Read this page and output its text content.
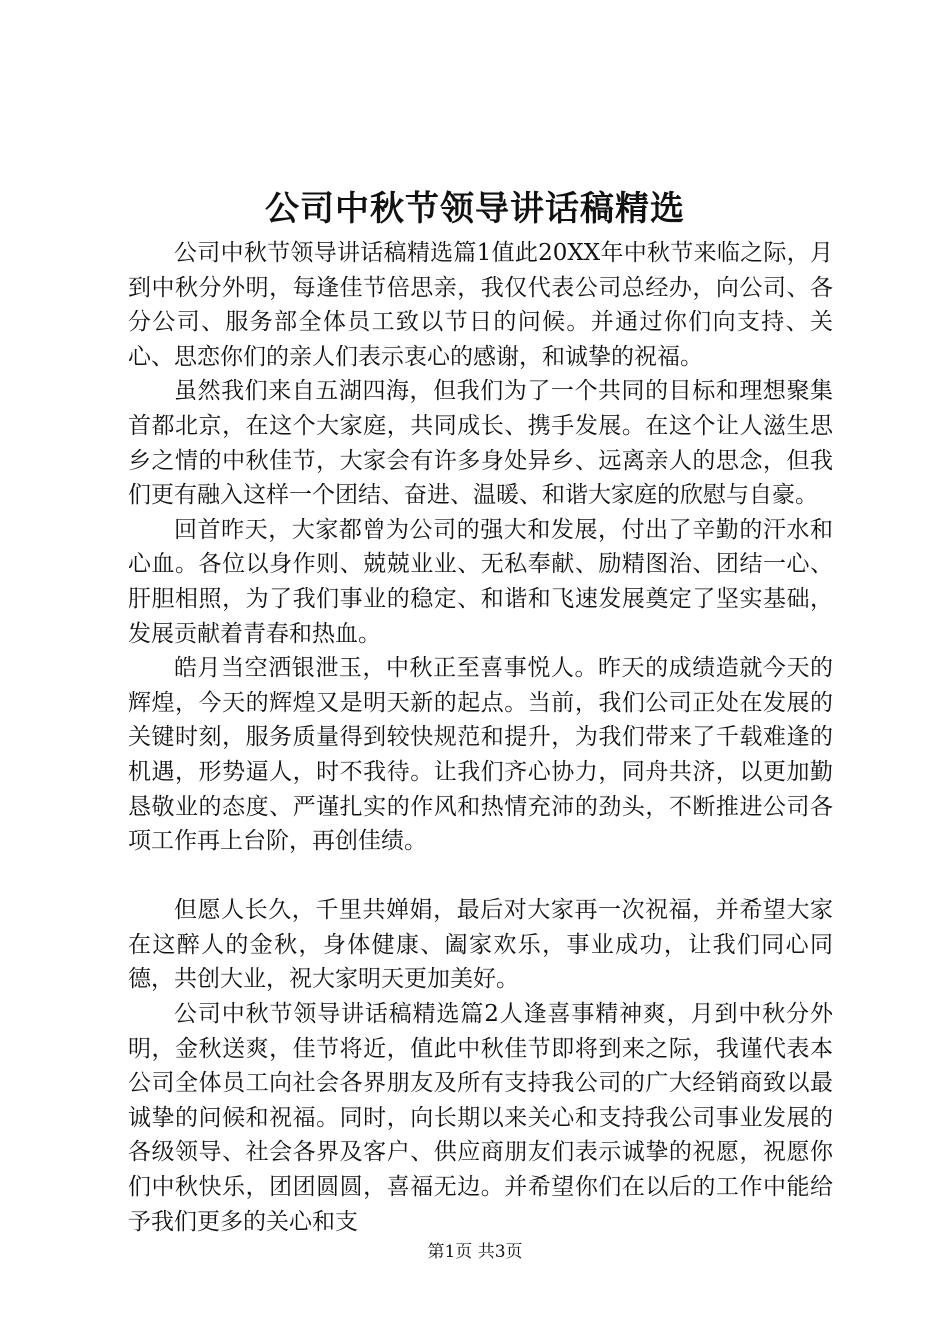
公司中秋节领导讲话稿精选

公司中秋节领导讲话稿精选篇1值此20XX年中秋节来临之际，月到中秋分外明，每逢佳节倍思亲，我仅代表公司总经办，向公司、各分公司、服务部全体员工致以节日的问候。并通过你们向支持、关心、思恋你们的亲人们表示衷心的感谢，和诚挚的祝福。

虽然我们来自五湖四海，但我们为了一个共同的目标和理想聚集首都北京，在这个大家庭，共同成长、携手发展。在这个让人滋生思乡之情的中秋佳节，大家会有许多身处异乡、远离亲人的思念，但我们更有融入这样一个团结、奋进、温暖、和谐大家庭的欣慰与自豪。

回首昨天，大家都曾为公司的强大和发展，付出了辛勤的汗水和心血。各位以身作则、兢兢业业、无私奉献、励精图治、团结一心、肝胆相照，为了我们事业的稳定、和谐和飞速发展奠定了坚实基础，发展贡献着青春和热血。

皓月当空洒银泄玉，中秋正至喜事悦人。昨天的成绩造就今天的辉煌，今天的辉煌又是明天新的起点。当前，我们公司正处在发展的关键时刻，服务质量得到较快规范和提升，为我们带来了千载难逢的机遇，形势逼人，时不我待。让我们齐心协力，同舟共济，以更加勤恳敬业的态度、严谨扎实的作风和热情充沛的劲头，不断推进公司各项工作再上台阶，再创佳绩。

但愿人长久，千里共婵娟，最后对大家再一次祝福，并希望大家在这醉人的金秋，身体健康、阖家欢乐，事业成功，让我们同心同德，共创大业，祝大家明天更加美好。

公司中秋节领导讲话稿精选篇2人逢喜事精神爽，月到中秋分外明，金秋送爽，佳节将近，值此中秋佳节即将到来之际，我谨代表本公司全体员工向社会各界朋友及所有支持我公司的广大经销商致以最诚挚的问候和祝福。同时，向长期以来关心和支持我公司事业发展的各级领导、社会各界及客户、供应商朋友们表示诚挚的祝愿，祝愿你们中秋快乐，团团圆圆，喜福无边。并希望你们在以后的工作中能给予我们更多的关心和支

第1页 共3页
